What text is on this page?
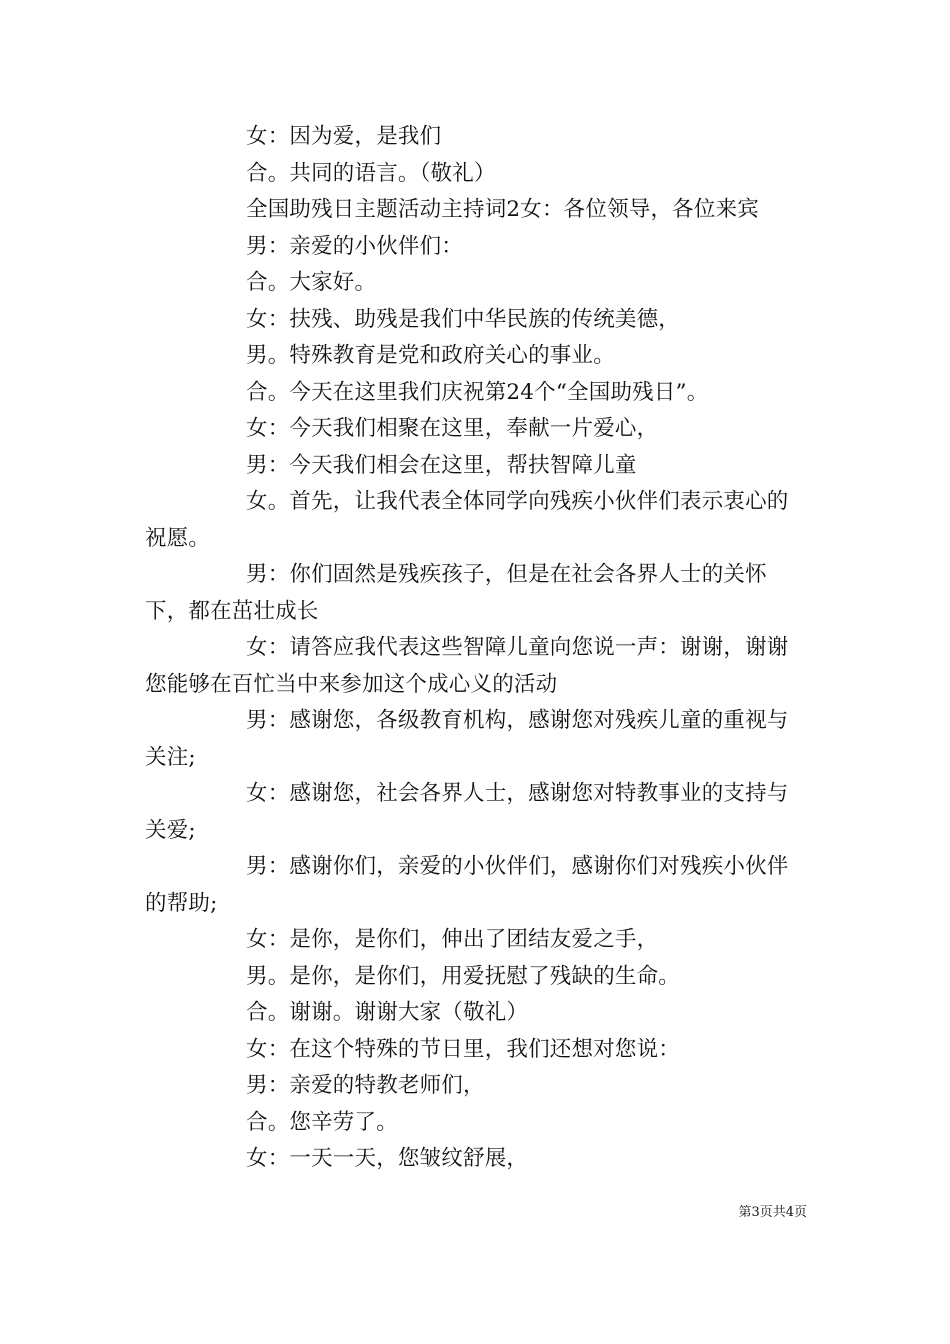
女：因为爱，是我们

合。共同的语言。（敬礼）

全国助残日主题活动主持词2女：各位领导，各位来宾

男：亲爱的小伙伴们：

合。大家好。

女：扶残、助残是我们中华民族的传统美德，

男。特殊教育是党和政府关心的事业。

合。今天在这里我们庆祝第24个“全国助残日”。

女：今天我们相聚在这里，奉献一片爱心，

男：今天我们相会在这里，帮扶智障儿童

女。首先，让我代表全体同学向残疾小伙伴们表示衷心的祝愿。

男：你们固然是残疾孩子，但是在社会各界人士的关怀下，都在茁壮成长

女：请答应我代表这些智障儿童向您说一声：谢谢，谢谢您能够在百忙当中来参加这个成心义的活动

男：感谢您，各级教育机构，感谢您对残疾儿童的重视与关注;

女：感谢您，社会各界人士，感谢您对特教事业的支持与关爱;

男：感谢你们，亲爱的小伙伴们，感谢你们对残疾小伙伴的帮助;

女：是你，是你们，伸出了团结友爱之手，

男。是你，是你们，用爱抚慰了残缺的生命。

合。谢谢。谢谢大家（敬礼）

女：在这个特殊的节日里，我们还想对您说：

男：亲爱的特教老师们，

合。您辛劳了。

女：一天一天，您皱纹舒展，

第3页共4页
